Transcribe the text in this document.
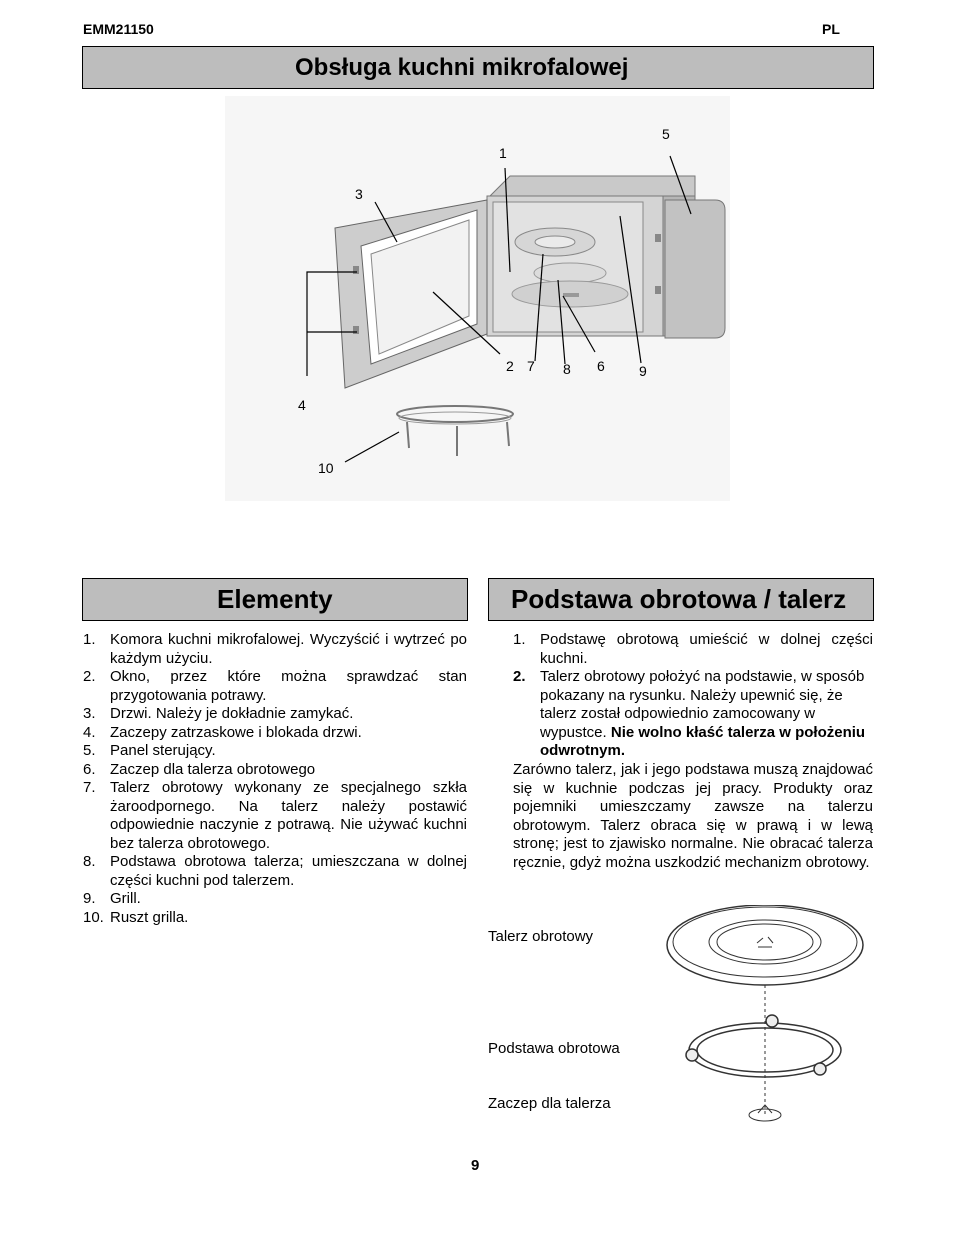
EMM21150	PL
Obsługa kuchni mikrofalowej
1
2
3
4
5
6
7 8	9
10
Elementy
1. Komora kuchni mikrofalowej. Wyczyścić i wytrzeć po każdym użyciu.
2. Okno, przez które można sprawdzać stan przygotowania potrawy.
3. Drzwi. Należy je dokładnie zamykać.
4. Zaczepy zatrzaskowe i blokada drzwi.
5. Panel sterujący.
6. Zaczep dla talerza obrotowego
7. Talerz obrotowy wykonany ze specjalnego szkła żaroodpornego. Na talerz należy postawić odpowiednie naczynie z potrawą. Nie używać kuchni bez talerza obrotowego.
8. Podstawa obrotowa talerza; umieszczana w dolnej części kuchni pod talerzem.
9. Grill.
10. Ruszt grilla.
Podstawa obrotowa / talerz
1. Podstawę obrotową umieścić w dolnej części kuchni.
2. Talerz obrotowy położyć na podstawie, w sposób pokazany na rysunku. Należy upewnić się, że talerz został odpowiednio zamocowany w wypustce. Nie wolno kłaść talerza w położeniu odwrotnym.
Zarówno talerz, jak i jego podstawa muszą znajdować się w kuchnie podczas jej pracy. Produkty oraz pojemniki umieszczamy zawsze na talerzu obrotowym. Talerz obraca się w prawą i w lewą stronę; jest to zjawisko normalne. Nie obracać talerza ręcznie, gdyż można uszkodzić mechanizm obrotowy.
Talerz obrotowy
Podstawa obrotowa
Zaczep dla talerza
9
